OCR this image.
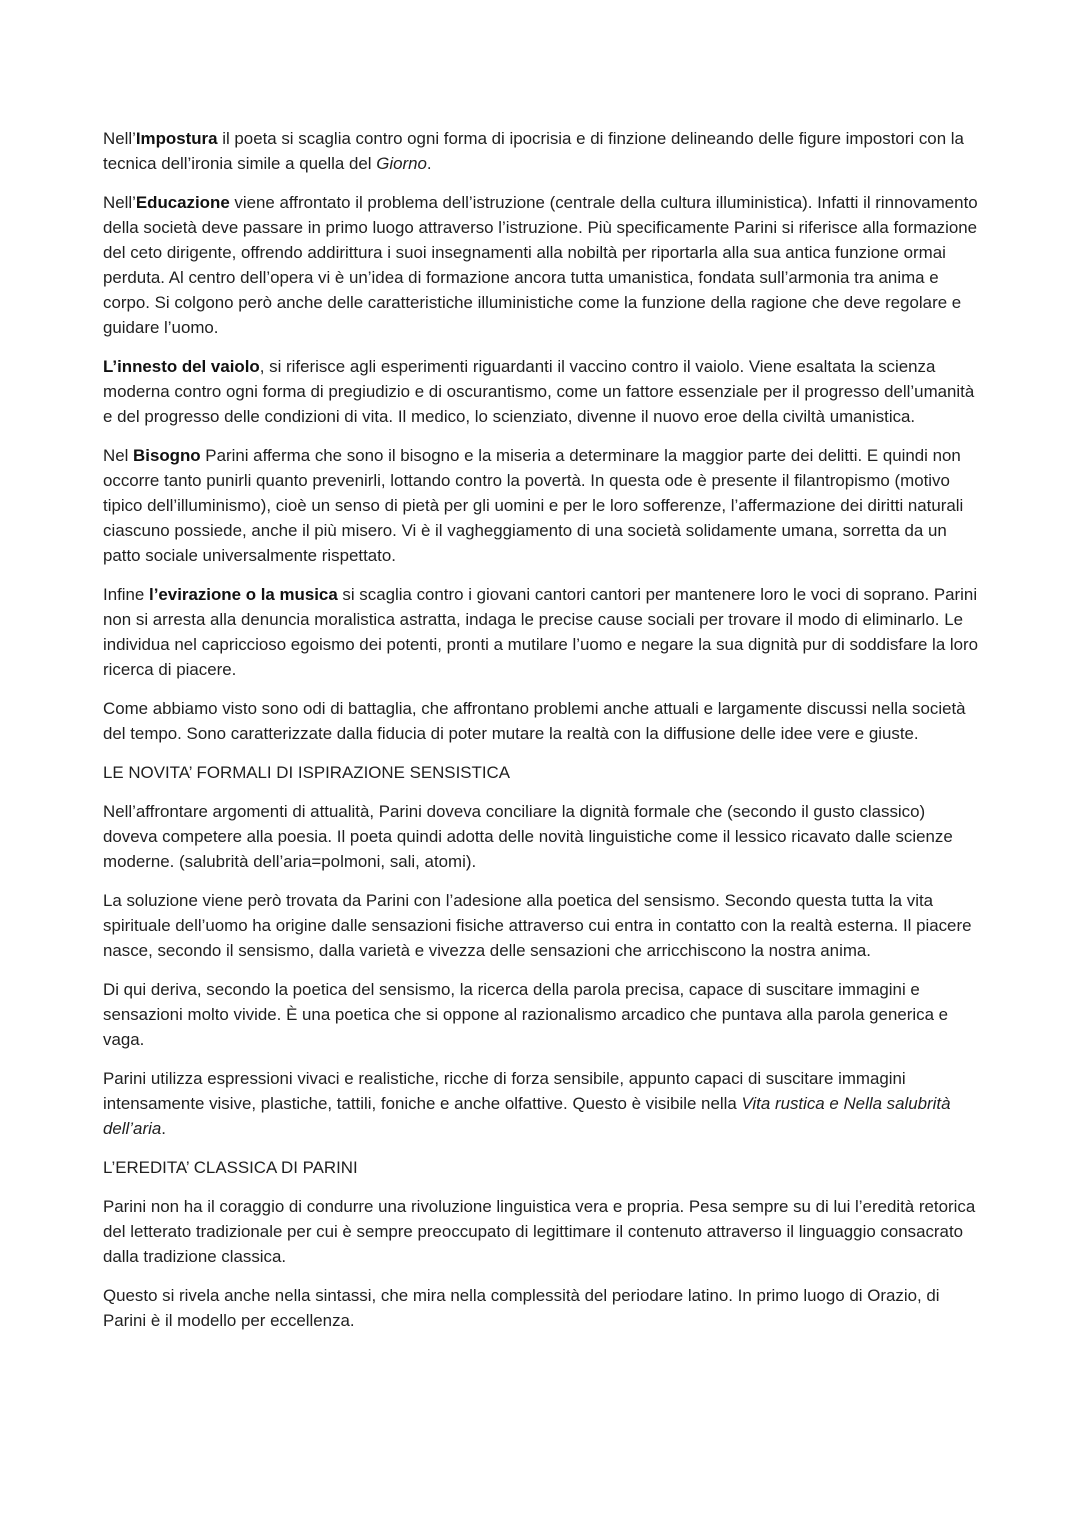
Nell’Impostura il poeta si scaglia contro ogni forma di ipocrisia e di finzione delineando delle figure impostori con la tecnica dell’ironia simile a quella del Giorno.

Nell’Educazione viene affrontato il problema dell’istruzione (centrale della cultura illuministica). Infatti il rinnovamento della società deve passare in primo luogo attraverso l’istruzione. Più specificamente Parini si riferisce alla formazione del ceto dirigente, offrendo addirittura i suoi insegnamenti alla nobiltà per riportarla alla sua antica funzione ormai perduta. Al centro dell’opera vi è un’idea di formazione ancora tutta umanistica, fondata sull’armonia tra anima e corpo. Si colgono però anche delle caratteristiche illuministiche come la funzione della ragione che deve regolare e guidare l’uomo.

L’innesto del vaiolo, si riferisce agli esperimenti riguardanti il vaccino contro il vaiolo. Viene esaltata la scienza moderna contro ogni forma di pregiudizio e di oscurantismo, come un fattore essenziale per il progresso dell’umanità e del progresso delle condizioni di vita. Il medico, lo scienziato, divenne il nuovo eroe della civiltà umanistica.

Nel Bisogno Parini afferma che sono il bisogno e la miseria a determinare la maggior parte dei delitti. E quindi non occorre tanto punirli quanto prevenirli, lottando contro la povertà. In questa ode è presente il filantropismo (motivo tipico dell’illuminismo), cioè un senso di pietà per gli uomini e per le loro sofferenze, l’affermazione dei diritti naturali ciascuno possiede, anche il più misero. Vi è il vagheggiamento di una società solidamente umana, sorretta da un patto sociale universalmente rispettato.

Infine l’evirazione o la musica si scaglia contro i giovani cantori cantori per mantenere loro le voci di soprano. Parini non si arresta alla denuncia moralistica astratta, indaga le precise cause sociali per trovare il modo di eliminarlo. Le individua nel capriccioso egoismo dei potenti, pronti a mutilare l’uomo e negare la sua dignità pur di soddisfare la loro ricerca di piacere.

Come abbiamo visto sono odi di battaglia, che affrontano problemi anche attuali e largamente discussi nella società del tempo. Sono caratterizzate dalla fiducia di poter mutare la realtà con la diffusione delle idee vere e giuste.

LE NOVITA’ FORMALI DI ISPIRAZIONE SENSISTICA

Nell’affrontare argomenti di attualità, Parini doveva conciliare la dignità formale che (secondo il gusto classico) doveva competere alla poesia. Il poeta quindi adotta delle novità linguistiche come il lessico ricavato dalle scienze moderne. (salubrità dell’aria=polmoni, sali, atomi).

La soluzione viene però trovata da Parini con l’adesione alla poetica del sensismo. Secondo questa tutta la vita spirituale dell’uomo ha origine dalle sensazioni fisiche attraverso cui entra in contatto con la realtà esterna. Il piacere nasce, secondo il sensismo, dalla varietà e vivezza delle sensazioni che arricchiscono la nostra anima.

Di qui deriva, secondo la poetica del sensismo, la ricerca della parola precisa, capace di suscitare immagini e sensazioni molto vivide. È una poetica che si oppone al razionalismo arcadico che puntava alla parola generica e vaga.

Parini utilizza espressioni vivaci e realistiche, ricche di forza sensibile, appunto capaci di suscitare immagini intensamente visive, plastiche, tattili, foniche e anche olfattive. Questo è visibile nella Vita rustica e Nella salubrità dell’aria.

L’EREDITA’ CLASSICA DI PARINI

Parini non ha il coraggio di condurre una rivoluzione linguistica vera e propria. Pesa sempre su di lui l’eredità retorica del letterato tradizionale per cui è sempre preoccupato di legittimare il contenuto attraverso il linguaggio consacrato dalla tradizione classica.

Questo si rivela anche nella sintassi, che mira nella complessità del periodare latino. In primo luogo di Orazio, di Parini è il modello per eccellenza.
